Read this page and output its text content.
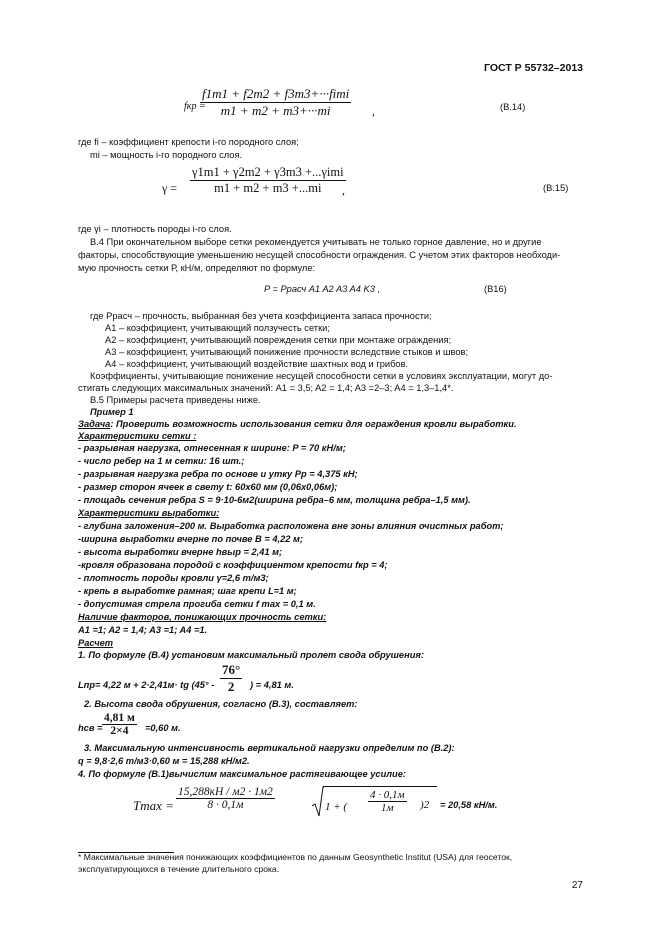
ГОСТ Р 55732–2013
fкр =
f1m1 + f2m2 + f3m3+···fimi
m1 + m2 + m3+···mi	,	(B.14)
где fi – коэффициент крепости i-го породного слоя;
mi – мощность i-го породного слоя.
γ =
γ1m1 + γ2m2 + γ3m3 +...γimi
m1 + m2 + m3 +...mi ,	(B.15)
где γi – плотность породы i-го слоя.
В.4 При окончательном выборе сетки рекомендуется учитывать не только горное давление, но и другие
факторы, способствующие уменьшению несущей способности ограждения. С учетом этих факторов необходи-
мую прочность сетки Р, кН/м, определяют по формуле:
P = Pрасч A1 A2 A3 A4 K3 ,	(B16)
где Pрасч – прочность, выбранная без учета коэффициента запаса прочности;
A1 – коэффициент, учитывающий ползучесть сетки;
A2 – коэффициент, учитывающий повреждения сетки при монтаже ограждения;
A3 – коэффициент, учитывающий понижение прочности вследствие стыков и швов;
A4 – коэффициент, учитывающий воздействие шахтных вод и грибов.
Коэффициенты, учитывающие понижение несущей способности сетки в условиях эксплуатации, могут до-
стигать следующих максимальных значений: A1 = 3,5; A2 = 1,4; A3 =2–3; A4 = 1,3–1,4*.
В.5 Примеры расчета приведены ниже.
Пример 1
Задача: Проверить возможность использования сетки для ограждения кровли выработки.
Характеристики сетки :
- разрывная нагрузка, отнесенная к ширине: P = 70 кН/м;
- число ребер на 1 м сетки: 16 шт.;
- разрывная нагрузка ребра по основе и утку Pр = 4,375 кН;
- размер сторон ячеек в свету t: 60х60 мм (0,06х0,06м);
- площадь сечения ребра S = 9·10-6м2(ширина ребра–6 мм, толщина ребра–1,5 мм).
Характеристики выработки:
- глубина заложения–200 м. Выработка расположена вне зоны влияния очистных работ;
-ширина выработки вчерне по почве B = 4,22 м;
- высота выработки вчерне hвыр = 2,41 м;
-кровля образована породой с коэффициентом крепости fкр = 4;
- плотность породы кровли γ=2,6 т/м3;
- крепь в выработке рамная; шаг крепи L=1 м;
- допустимая стрела прогиба сетки f max = 0,1 м.
Наличие факторов, понижающих прочность сетки:
A1 =1; A2 = 1,4; A3 =1; A4 =1.
Расчет
1. По формуле (В.4) установим максимальный пролет свода обрушения:
Lпр= 4,22 м + 2·2,41м· tg (45° -
76°
2 ) = 4,81 м.
2. Высота свода обрушения, согласно (В.3), составляет:
hсв =
4,81 м
2×4 =0,60 м.
3. Максимальную интенсивность вертикальной нагрузки определим по (В.2):
q = 9,8·2,6 т/м3·0,60 м = 15,288 кН/м2.
4. По формуле (В.1)вычислим максимальное растягивающее усилие:
Tmax =
15,288кН / м2 · 1м2
8 · 0,1м	1 + (
4 · 0,1м
1м )2 = 20,58 кН/м.
* Максимальные значения понижающих коэффициентов по данным Geosynthetic Institut (USA) для геосеток,
эксплуатирующихся в течение длительного срока.
27
